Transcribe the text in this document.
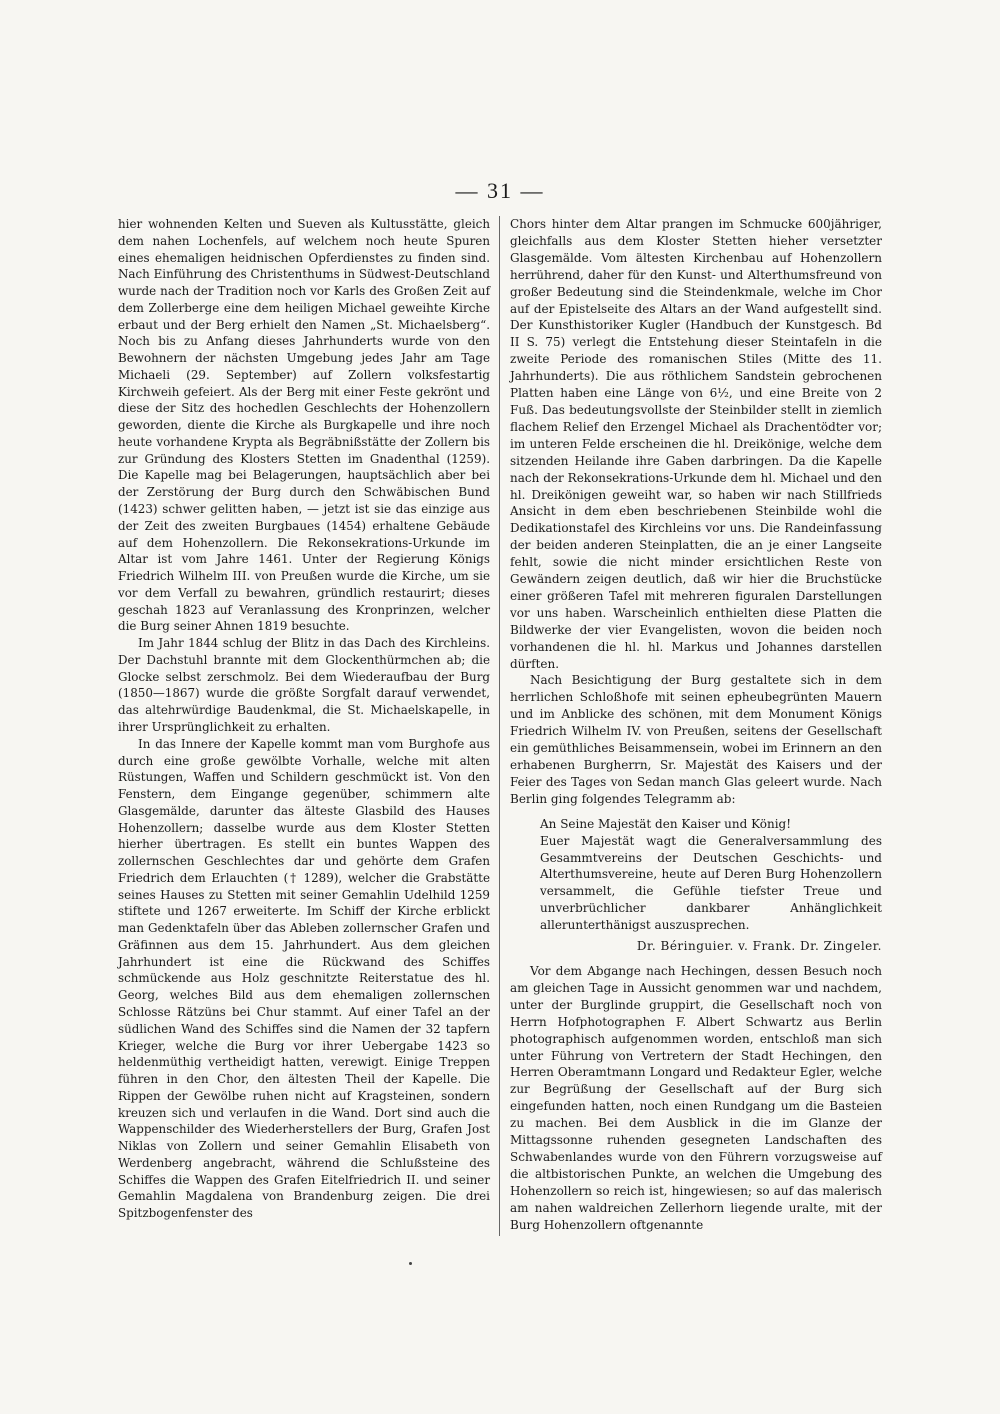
— 31 —

hier wohnenden Kelten und Sueven als Kultusstätte, gleich dem nahen Lochenfels, auf welchem noch heute Spuren eines ehemaligen heidnischen Opferdienstes zu finden sind. Nach Einführung des Christenthums in Südwest-Deutschland wurde nach der Tradition noch vor Karls des Großen Zeit auf dem Zollerberge eine dem heiligen Michael geweihte Kirche erbaut und der Berg erhielt den Namen „St. Michaelsberg“. Noch bis zu Anfang dieses Jahrhunderts wurde von den Bewohnern der nächsten Umgebung jedes Jahr am Tage Michaeli (29. September) auf Zollern volksfestartig Kirchweih gefeiert. Als der Berg mit einer Feste gekrönt und diese der Sitz des hochedlen Geschlechts der Hohenzollern geworden, diente die Kirche als Burgkapelle und ihre noch heute vorhandene Krypta als Begräbnißstätte der Zollern bis zur Gründung des Klosters Stetten im Gnadenthal (1259). Die Kapelle mag bei Belagerungen, hauptsächlich aber bei der Zerstörung der Burg durch den Schwäbischen Bund (1423) schwer gelitten haben, — jetzt ist sie das einzige aus der Zeit des zweiten Burgbaues (1454) erhaltene Gebäude auf dem Hohenzollern. Die Rekonsekrations-Urkunde im Altar ist vom Jahre 1461. Unter der Regierung Königs Friedrich Wilhelm III. von Preußen wurde die Kirche, um sie vor dem Verfall zu bewahren, gründlich restaurirt; dieses geschah 1823 auf Veranlassung des Kronprinzen, welcher die Burg seiner Ahnen 1819 besuchte.

Im Jahr 1844 schlug der Blitz in das Dach des Kirchleins. Der Dachstuhl brannte mit dem Glockenthürmchen ab; die Glocke selbst zerschmolz. Bei dem Wiederaufbau der Burg (1850—1867) wurde die größte Sorgfalt darauf verwendet, das altehrwürdige Baudenkmal, die St. Michaelskapelle, in ihrer Ursprünglichkeit zu erhalten.

In das Innere der Kapelle kommt man vom Burghofe aus durch eine große gewölbte Vorhalle, welche mit alten Rüstungen, Waffen und Schildern geschmückt ist. Von den Fenstern, dem Eingange gegenüber, schimmern alte Glasgemälde, darunter das älteste Glasbild des Hauses Hohenzollern; dasselbe wurde aus dem Kloster Stetten hierher übertragen. Es stellt ein buntes Wappen des zollernschen Geschlechtes dar und gehörte dem Grafen Friedrich dem Erlauchten († 1289), welcher die Grabstätte seines Hauses zu Stetten mit seiner Gemahlin Udelhild 1259 stiftete und 1267 erweiterte. Im Schiff der Kirche erblickt man Gedenktafeln über das Ableben zollernscher Grafen und Gräfinnen aus dem 15. Jahrhundert. Aus dem gleichen Jahrhundert ist eine die Rückwand des Schiffes schmückende aus Holz geschnitzte Reiterstatue des hl. Georg, welches Bild aus dem ehemaligen zollernschen Schlosse Rätzüns bei Chur stammt. Auf einer Tafel an der südlichen Wand des Schiffes sind die Namen der 32 tapfern Krieger, welche die Burg vor ihrer Uebergabe 1423 so heldenmüthig vertheidigt hatten, verewigt. Einige Treppen führen in den Chor, den ältesten Theil der Kapelle. Die Rippen der Gewölbe ruhen nicht auf Kragsteinen, sondern kreuzen sich und verlaufen in die Wand. Dort sind auch die Wappenschilder des Wiederherstellers der Burg, Grafen Jost Niklas von Zollern und seiner Gemahlin Elisabeth von Werdenberg angebracht, während die Schlußsteine des Schiffes die Wappen des Grafen Eitelfriedrich II. und seiner Gemahlin Magdalena von Brandenburg zeigen. Die drei Spitzbogenfenster des

Chors hinter dem Altar prangen im Schmucke 600jähriger, gleichfalls aus dem Kloster Stetten hieher versetzter Glasgemälde. Vom ältesten Kirchenbau auf Hohenzollern herrührend, daher für den Kunst- und Alterthumsfreund von großer Bedeutung sind die Steindenkmale, welche im Chor auf der Epistelseite des Altars an der Wand aufgestellt sind. Der Kunsthistoriker Kugler (Handbuch der Kunstgesch. Bd II S. 75) verlegt die Entstehung dieser Steintafeln in die zweite Periode des romanischen Stiles (Mitte des 11. Jahrhunderts). Die aus röthlichem Sandstein gebrochenen Platten haben eine Länge von 6½, und eine Breite von 2 Fuß. Das bedeutungsvollste der Steinbilder stellt in ziemlich flachem Relief den Erzengel Michael als Drachentödter vor; im unteren Felde erscheinen die hl. Dreikönige, welche dem sitzenden Heilande ihre Gaben darbringen. Da die Kapelle nach der Rekonsekrations-Urkunde dem hl. Michael und den hl. Dreikönigen geweiht war, so haben wir nach Stillfrieds Ansicht in dem eben beschriebenen Steinbilde wohl die Dedikationstafel des Kirchleins vor uns. Die Randeinfassung der beiden anderen Steinplatten, die an je einer Langseite fehlt, sowie die nicht minder ersichtlichen Reste von Gewändern zeigen deutlich, daß wir hier die Bruchstücke einer größeren Tafel mit mehreren figuralen Darstellungen vor uns haben. Warscheinlich enthielten diese Platten die Bildwerke der vier Evangelisten, wovon die beiden noch vorhandenen die hl. hl. Markus und Johannes darstellen dürften.

Nach Besichtigung der Burg gestaltete sich in dem herrlichen Schloßhofe mit seinen epheubegrünten Mauern und im Anblicke des schönen, mit dem Monument Königs Friedrich Wilhelm IV. von Preußen, seitens der Gesellschaft ein gemüthliches Beisammensein, wobei im Erinnern an den erhabenen Burgherrn, Sr. Majestät des Kaisers und der Feier des Tages von Sedan manch Glas geleert wurde. Nach Berlin ging folgendes Telegramm ab:

An Seine Majestät den Kaiser und König!

Euer Majestät wagt die Generalversammlung des Gesammtvereins der Deutschen Geschichts- und Alterthumsvereine, heute auf Deren Burg Hohenzollern versammelt, die Gefühle tiefster Treue und unverbrüchlicher dankbarer Anhänglichkeit allerunterthänigst auszusprechen.

Dr. Béringuier. v. Frank. Dr. Zingeler.

Vor dem Abgange nach Hechingen, dessen Besuch noch am gleichen Tage in Aussicht genommen war und nachdem, unter der Burglinde gruppirt, die Gesellschaft noch von Herrn Hofphotographen F. Albert Schwartz aus Berlin photographisch aufgenommen worden, entschloß man sich unter Führung von Vertretern der Stadt Hechingen, den Herren Oberamtmann Longard und Redakteur Egler, welche zur Begrüßung der Gesellschaft auf der Burg sich eingefunden hatten, noch einen Rundgang um die Basteien zu machen. Bei dem Ausblick in die im Glanze der Mittagssonne ruhenden gesegneten Landschaften des Schwabenlandes wurde von den Führern vorzugsweise auf die altbistorischen Punkte, an welchen die Umgebung des Hohenzollern so reich ist, hingewiesen; so auf das malerisch am nahen waldreichen Zellerhorn liegende uralte, mit der Burg Hohenzollern oftgenannte
